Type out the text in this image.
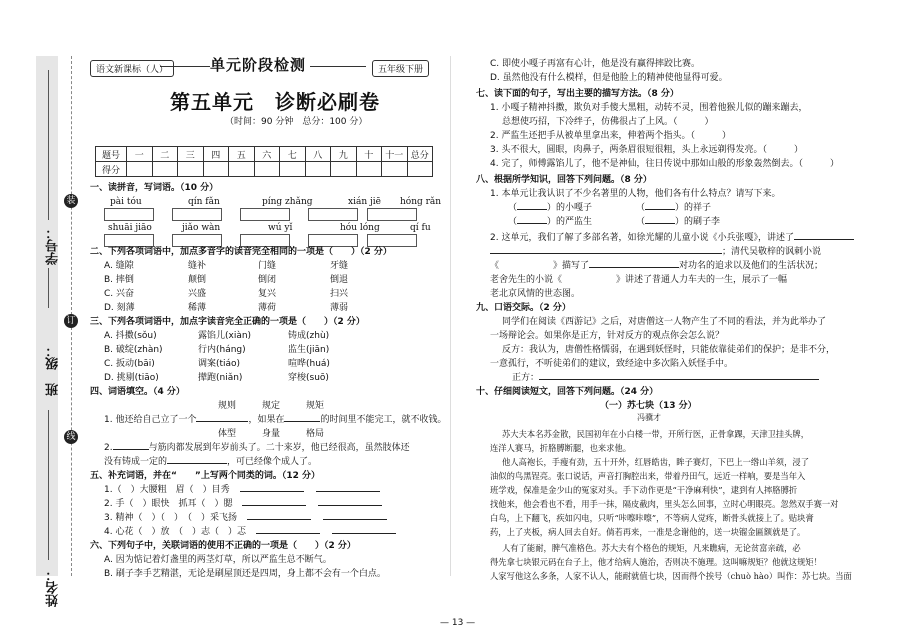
学号：
班　级：
姓名：
装
订
线
语文新课标（人）	单元阶段检测	五年级下册
第五单元　诊断必刷卷
（时间：90 分钟　总分：100 分）
题号	一	二	三	四	五	六	七	八	九	十	十一	总分
得分												
一、读拼音，写词语。（10 分）
pài tóu	qín fǎn	píng zhǎng	xián jiē hóng rǎn

shuāi jiāo	jiǎo wàn	wú yǐ	hóu lóng	qí fu

二、下列各项词语中，加点多音字的读音完全相同的一项是（　　）（2 分）
A. 缝隙	缝补	门缝	牙缝
B. 摔倒	颠倒	倒闭	倒退
C. 兴奋	兴盛	复兴	扫兴
D. 刻薄	稀薄	薄荷	薄弱
三、下列各项词语中，加点字读音完全正确的一项是（　　）（2 分）
A. 抖擞(sǒu)	露馅儿(xiàn)	铸成(zhù)
B. 破绽(zhàn)	行内(háng)	监生(jiān)
C. 扳动(bāi)	调案(tiáo)	喧哗(huá)
D. 挑剔(tiāo)	撵跑(niǎn)	穿梭(suō)
四、词语填空。（4 分）
规则	规定	规矩
1. 他还给自己立了一个	，如果在	的时间里不能完工，就不收钱。
体型	身量	格局
2.	与筋肉都发展到年岁前头了。二十来岁，他已经很高，虽然肢体还
没有铸成一定的	，可已经像个成人了。
五、补充词语，并在“　　”上写两个同类的词。（12 分）
1.（　）大腰粗　眉（　）目秀
2. 手（　）眼快　抓耳（　）腮
3. 精神（　）（　）　（　）采飞扬
4. 心花（　）放　（　）志（　）忑
六、下列句子中，关联词语的使用不正确的一项是（　　）（2 分）
A. 因为惦记着灯盏里的两茎灯草，所以严监生总不断气。
B. 刷子李手艺精湛，无论是刷屋顶还是四周，身上都不会有一个白点。
C. 即使小嘎子再富有心计，他是没有赢得摔跤比赛。
D. 虽然他没有什么模样，但是他脸上的精神使他显得可爱。
七、读下面的句子，写出主要的描写方法。（8 分）
1. 小嘎子精神抖擞，欺负对手傻大黑粗，动转不灵，围着他猴儿似的蹦来蹦去，
总想使巧招，下冷绊子，仿佛很占了上风。（　　　）
2. 严监生还把手从被单里拿出来，伸着两个指头。（　　　）
3. 头不很大，圆眼，肉鼻子，两条眉很短很粗，头上永远剃得发亮。（　　　）
4. 完了，师傅露馅儿了，他不是神仙，往日传说中那如山般的形象轰然倒去。（　　　）
八、根据所学知识，回答下列问题。（8 分）
1. 本单元让我认识了不少名著里的人物，他们各有什么特点？请写下来。
（	）的小嘎子	（	）的祥子
（	）的严监生	（	）的刷子李
2. 这单元，我们了解了多部名著，如徐光耀的儿童小说《小兵张嘎》，讲述了
；清代吴敬梓的讽刺小说
《　　　　　　》描写了	对功名的追求以及他们的生活状况；
老舍先生的小说《　　　　　　》讲述了普通人力车夫的一生，展示了一幅
老北京风情的世态图。
九、口语交际。（2 分）
同学们在阅读《西游记》之后，对唐僧这一人物产生了不同的看法，并为此举办了
一场辩论会。如果你是正方，针对反方的观点你会怎么说？
反方：我认为，唐僧性格懦弱，在遇到妖怪时，只能依靠徒弟们的保护；是非不分，
一意孤行，不听徒弟们的建议，致经途中多次陷入妖怪手中。
正方：
十、仔细阅读短文，回答下列问题。（24 分）
（一）苏七块（13 分）
冯骥才
苏大夫本名苏金散，民国初年在小白楼一带，开所行医，正骨拿踝，天津卫挂头牌，
连洋人赛马，折胳膊断腿，也来求他。
他人高袍长，手瘦有劲，五十开外，红唇皓齿，眸子赛灯，下巴上一绺山羊须，浸了
油似的鸟黑锃亮。张口说话，声音打胸腔出来，带着丹田气，远近一样响，要是当年入
班学戏，保准是金少山的冤家对头。手下动作更是“干净麻利快”，逮到有人摔胳膊折
找他来，他会看也不看，用手一抹，隔皮截肉，里头怎么回事，立时心明眼亮。忽然双手赛一对
白鸟，上下翻飞，疾如闪电，只听“咔嚓咔嚓”，不等病人觉疼，断骨头就接上了。贴块膏
药，上了夹板，病人回去自好。倘若再来，一准是念谢他的，送一块镏金匾额就是了。
人有了能耐，脾气准格色。苏大夫有个格色的规矩，凡来瞧病，无论贫富亲疏，必
得先拿七块银元码在台子上，他才给病人施治，否则决不施理。这叫嘛规矩？他就这规矩！
人家写他这么多条，人家不认人，能耐就值七块，因而得个挨号（chuò hào）叫作：苏七块。当面
— 13 —
